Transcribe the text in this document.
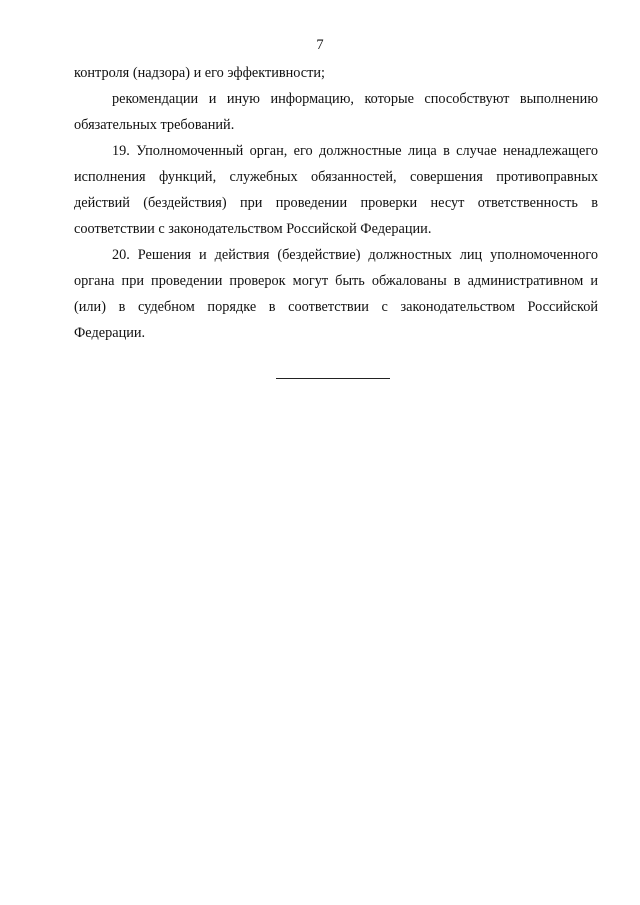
7

контроля (надзора) и его эффективности;

рекомендации и иную информацию, которые способствуют выполнению обязательных требований.

19. Уполномоченный орган, его должностные лица в случае ненадлежащего исполнения функций, служебных обязанностей, совершения противоправных действий (бездействия) при проведении проверки несут ответственность в соответствии с законодательством Российской Федерации.

20. Решения и действия (бездействие) должностных лиц уполномоченного органа при проведении проверок могут быть обжалованы в административном и (или) в судебном порядке в соответствии с законодательством Российской Федерации.
